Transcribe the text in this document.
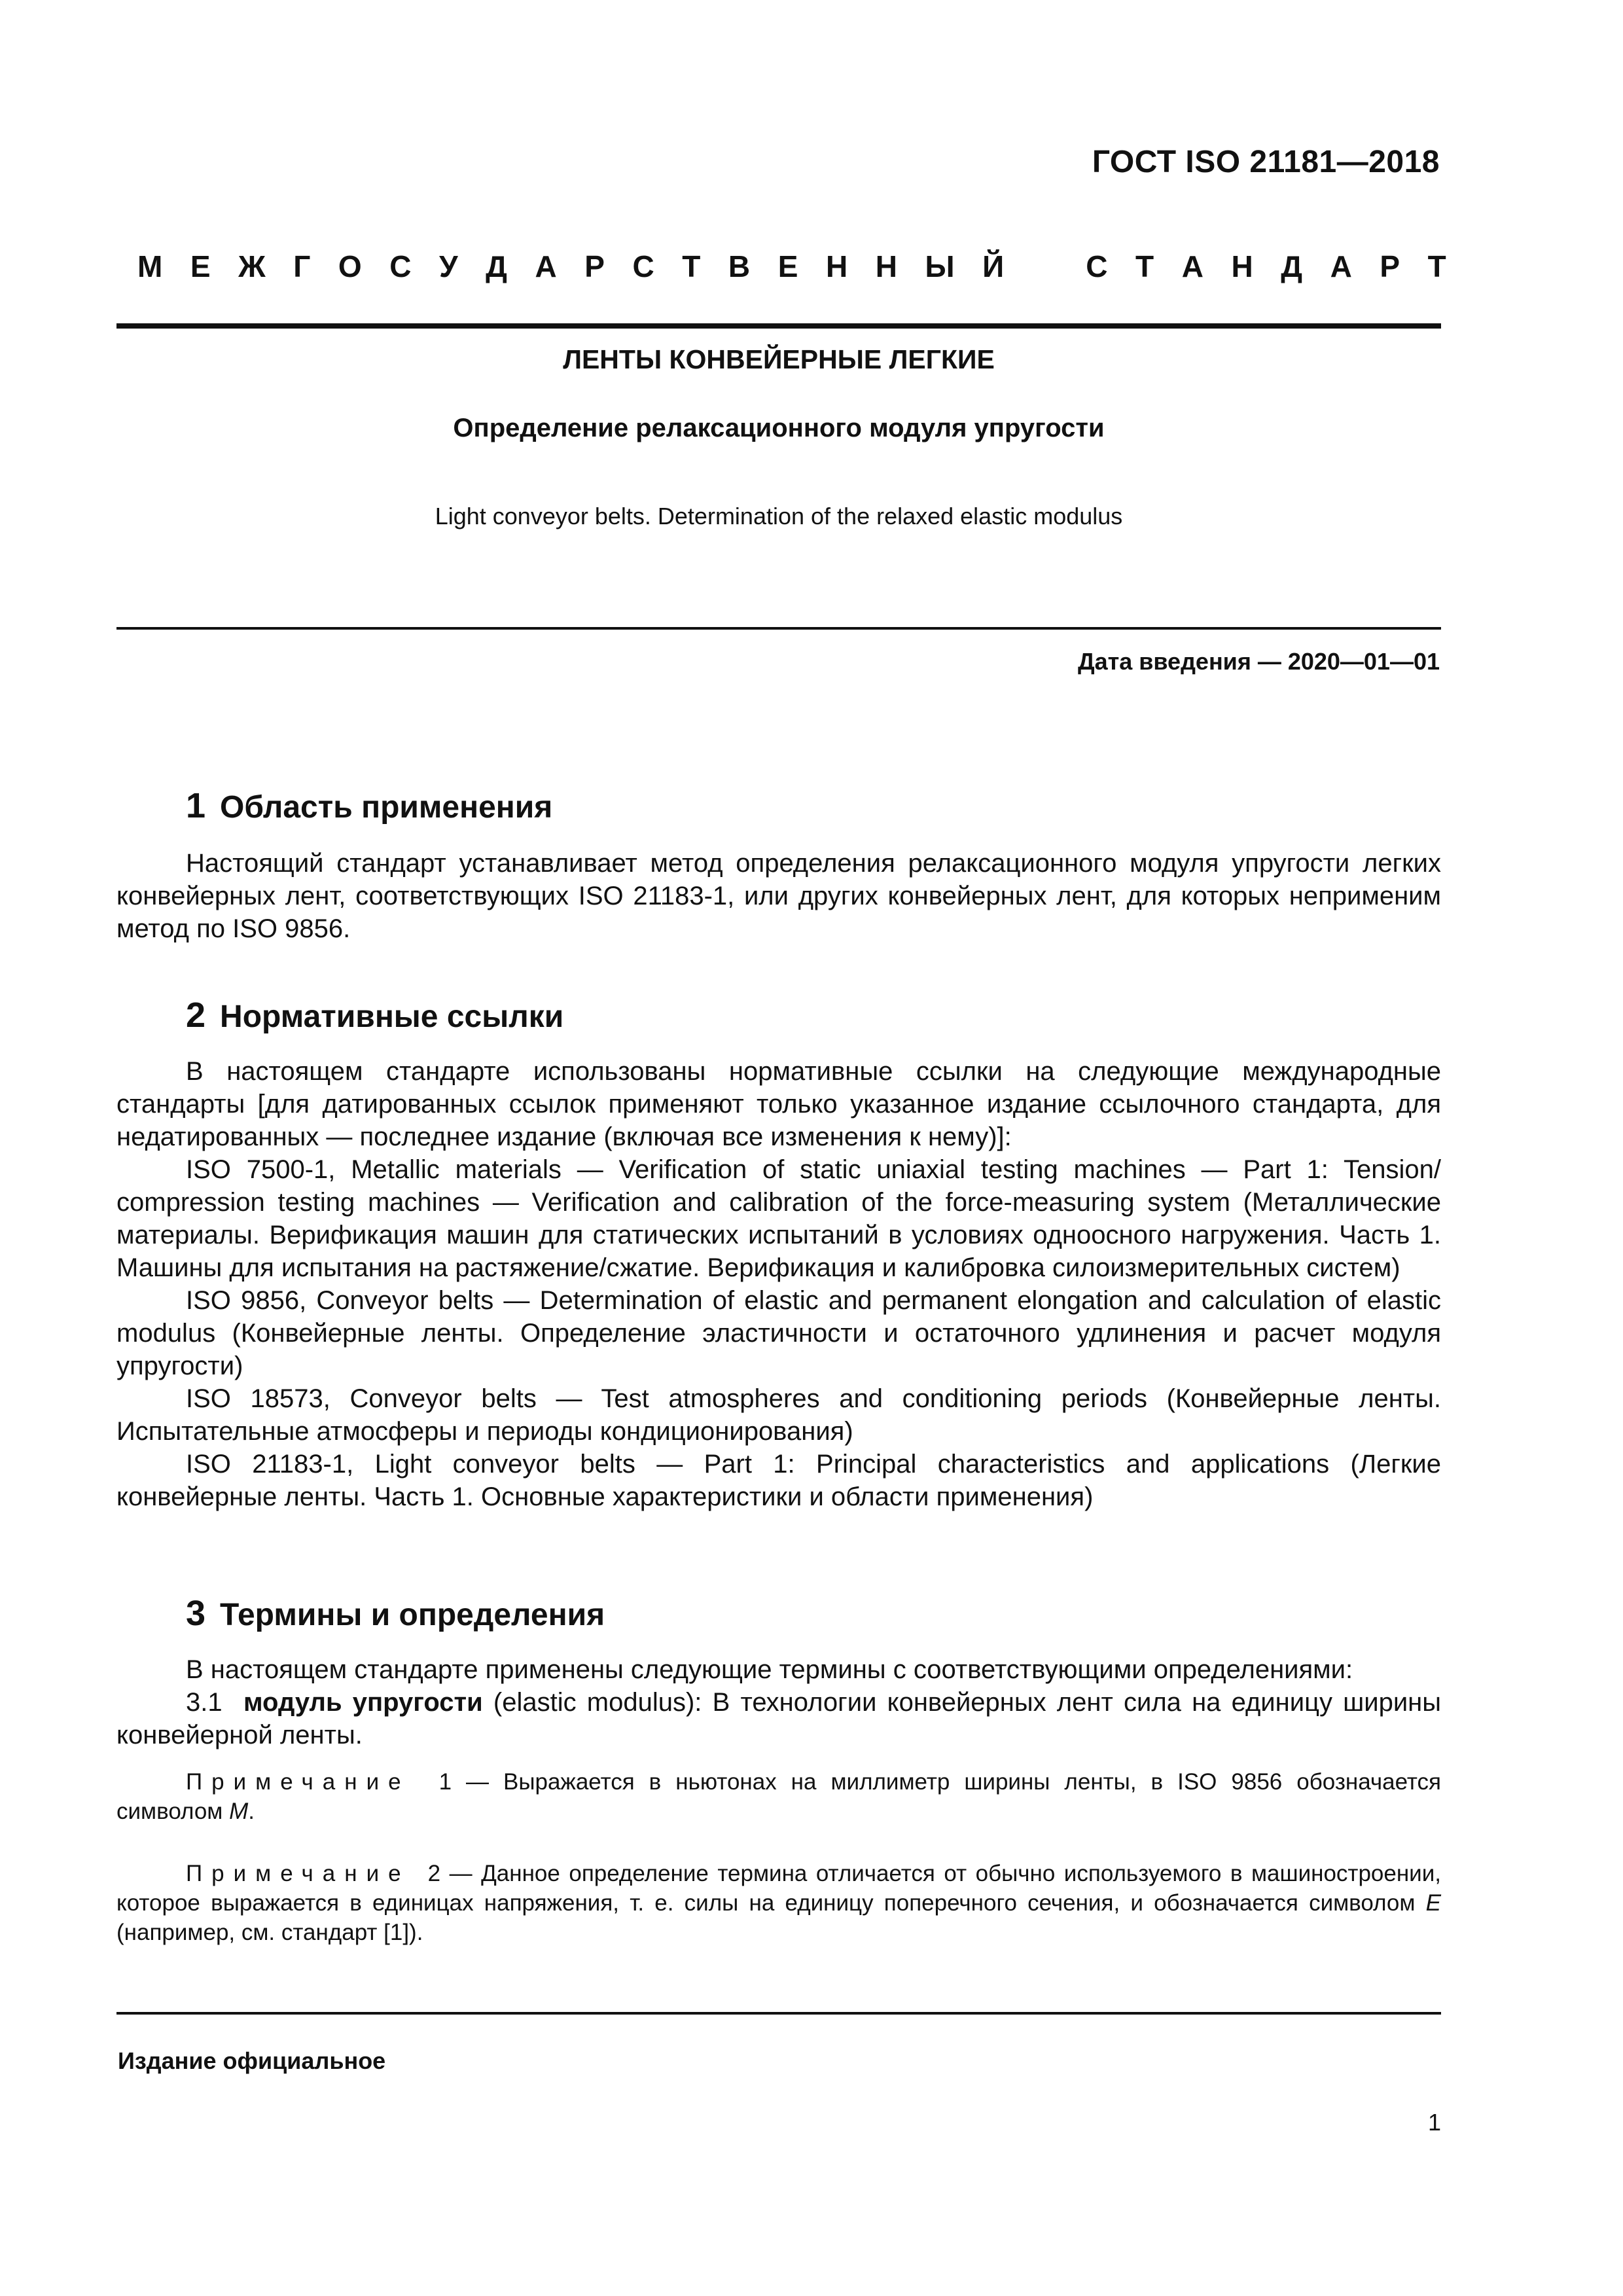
ГОСТ ISO 21181—2018
М Е Ж Г О С У Д А Р С Т В Е Н Н Ы Й	С Т А Н Д А Р Т
ЛЕНТЫ КОНВЕЙЕРНЫЕ ЛЕГКИЕ
Определение релаксационного модуля упругости
Light conveyor belts. Determination of the relaxed elastic modulus
Дата введения — 2020—01—01
1 Область применения

Настоящий стандарт устанавливает метод определения релаксационного модуля упругости легких конвейерных лент, соответствующих ISO 21183-1, или других конвейерных лент, для которых неприменим метод по ISO 9856.

2 Нормативные ссылки

В настоящем стандарте использованы нормативные ссылки на следующие международные стандарты [для датированных ссылок применяют только указанное издание ссылочного стандарта, для недатированных — последнее издание (включая все изменения к нему)]:

ISO 7500-1, Metallic materials — Verification of static uniaxial testing machines — Part 1: Tension/ compression testing machines — Verification and calibration of the force-measuring system (Металлические материалы. Верификация машин для статических испытаний в условиях одноосного нагружения. Часть 1. Машины для испытания на растяжение/сжатие. Верификация и калибровка силоизмерительных систем)

ISO 9856, Conveyor belts — Determination of elastic and permanent elongation and calculation of elastic modulus (Конвейерные ленты. Определение эластичности и остаточного удлинения и расчет модуля упругости)

ISO 18573, Conveyor belts — Test atmospheres and conditioning periods (Конвейерные ленты. Испытательные атмосферы и периоды кондиционирования)

ISO 21183-1, Light conveyor belts — Part 1: Principal characteristics and applications (Легкие конвейерные ленты. Часть 1. Основные характеристики и области применения)

3 Термины и определения

В настоящем стандарте применены следующие термины с соответствующими определениями:

3.1 модуль упругости (elastic modulus): В технологии конвейерных лент сила на единицу ширины конвейерной ленты.

Примечание 1 — Выражается в ньютонах на миллиметр ширины ленты, в ISO 9856 обозначается символом M.
Примечание 2 — Данное определение термина отличается от обычно используемого в машиностроении, которое выражается в единицах напряжения, т. е. силы на единицу поперечного сечения, и обозначается символом E (например, см. стандарт [1]).
Издание официальное
1
